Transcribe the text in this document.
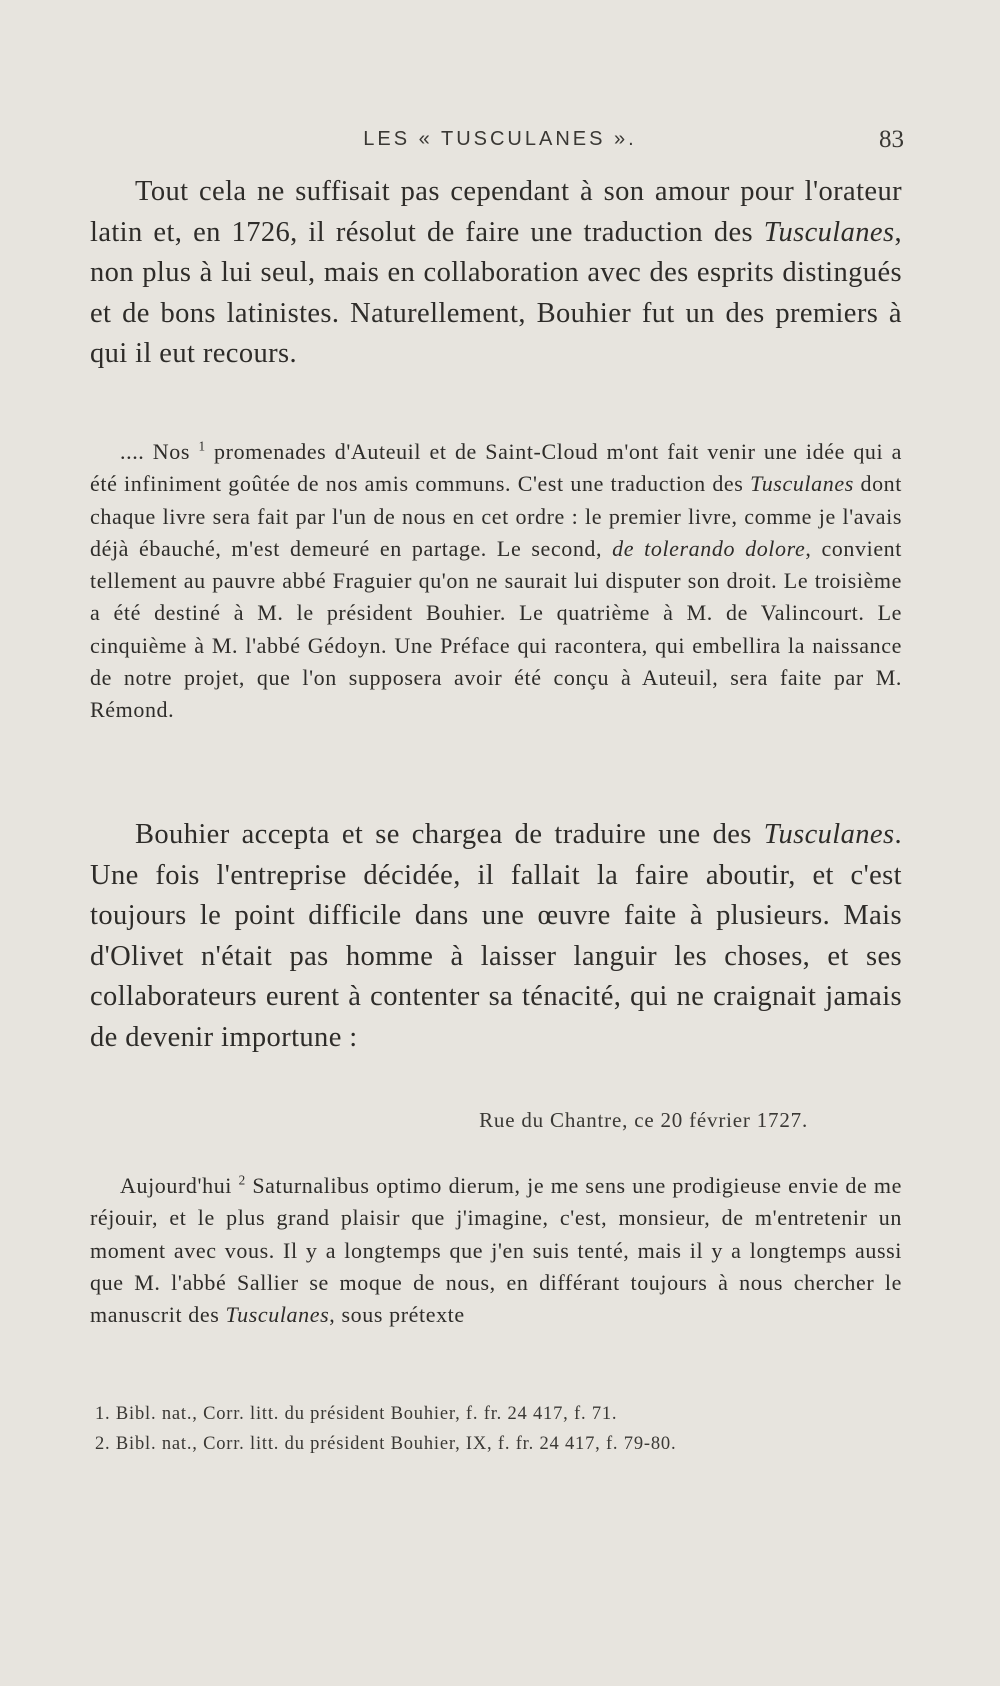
LES « TUSCULANES ».	83

Tout cela ne suffisait pas cependant à son amour pour l'orateur latin et, en 1726, il résolut de faire une traduction des Tusculanes, non plus à lui seul, mais en collaboration avec des esprits distingués et de bons latinistes. Naturellement, Bouhier fut un des premiers à qui il eut recours.

.... Nos $^1$ promenades d'Auteuil et de Saint-Cloud m'ont fait venir une idée qui a été infiniment goûtée de nos amis communs. C'est une traduction des Tusculanes dont chaque livre sera fait par l'un de nous en cet ordre : le premier livre, comme je l'avais déjà ébauché, m'est demeuré en partage. Le second, de tolerando dolore, convient tellement au pauvre abbé Fraguier qu'on ne saurait lui disputer son droit. Le troisième a été destiné à M. le président Bouhier. Le quatrième à M. de Valincourt. Le cinquième à M. l'abbé Gédoyn. Une Préface qui racontera, qui embellira la naissance de notre projet, que l'on supposera avoir été conçu à Auteuil, sera faite par M. Rémond.

Bouhier accepta et se chargea de traduire une des Tusculanes. Une fois l'entreprise décidée, il fallait la faire aboutir, et c'est toujours le point difficile dans une œuvre faite à plusieurs. Mais d'Olivet n'était pas homme à laisser languir les choses, et ses collaborateurs eurent à contenter sa ténacité, qui ne craignait jamais de devenir importune :

Rue du Chantre, ce 20 février 1727.

Aujourd'hui $^2$ Saturnalibus optimo dierum, je me sens une prodigieuse envie de me réjouir, et le plus grand plaisir que j'imagine, c'est, monsieur, de m'entretenir un moment avec vous. Il y a longtemps que j'en suis tenté, mais il y a longtemps aussi que M. l'abbé Sallier se moque de nous, en différant toujours à nous chercher le manuscrit des Tusculanes, sous prétexte

1. Bibl. nat., Corr. litt. du président Bouhier, f. fr. 24 417, f. 71.

2. Bibl. nat., Corr. litt. du président Bouhier, IX, f. fr. 24 417, f. 79-80.
